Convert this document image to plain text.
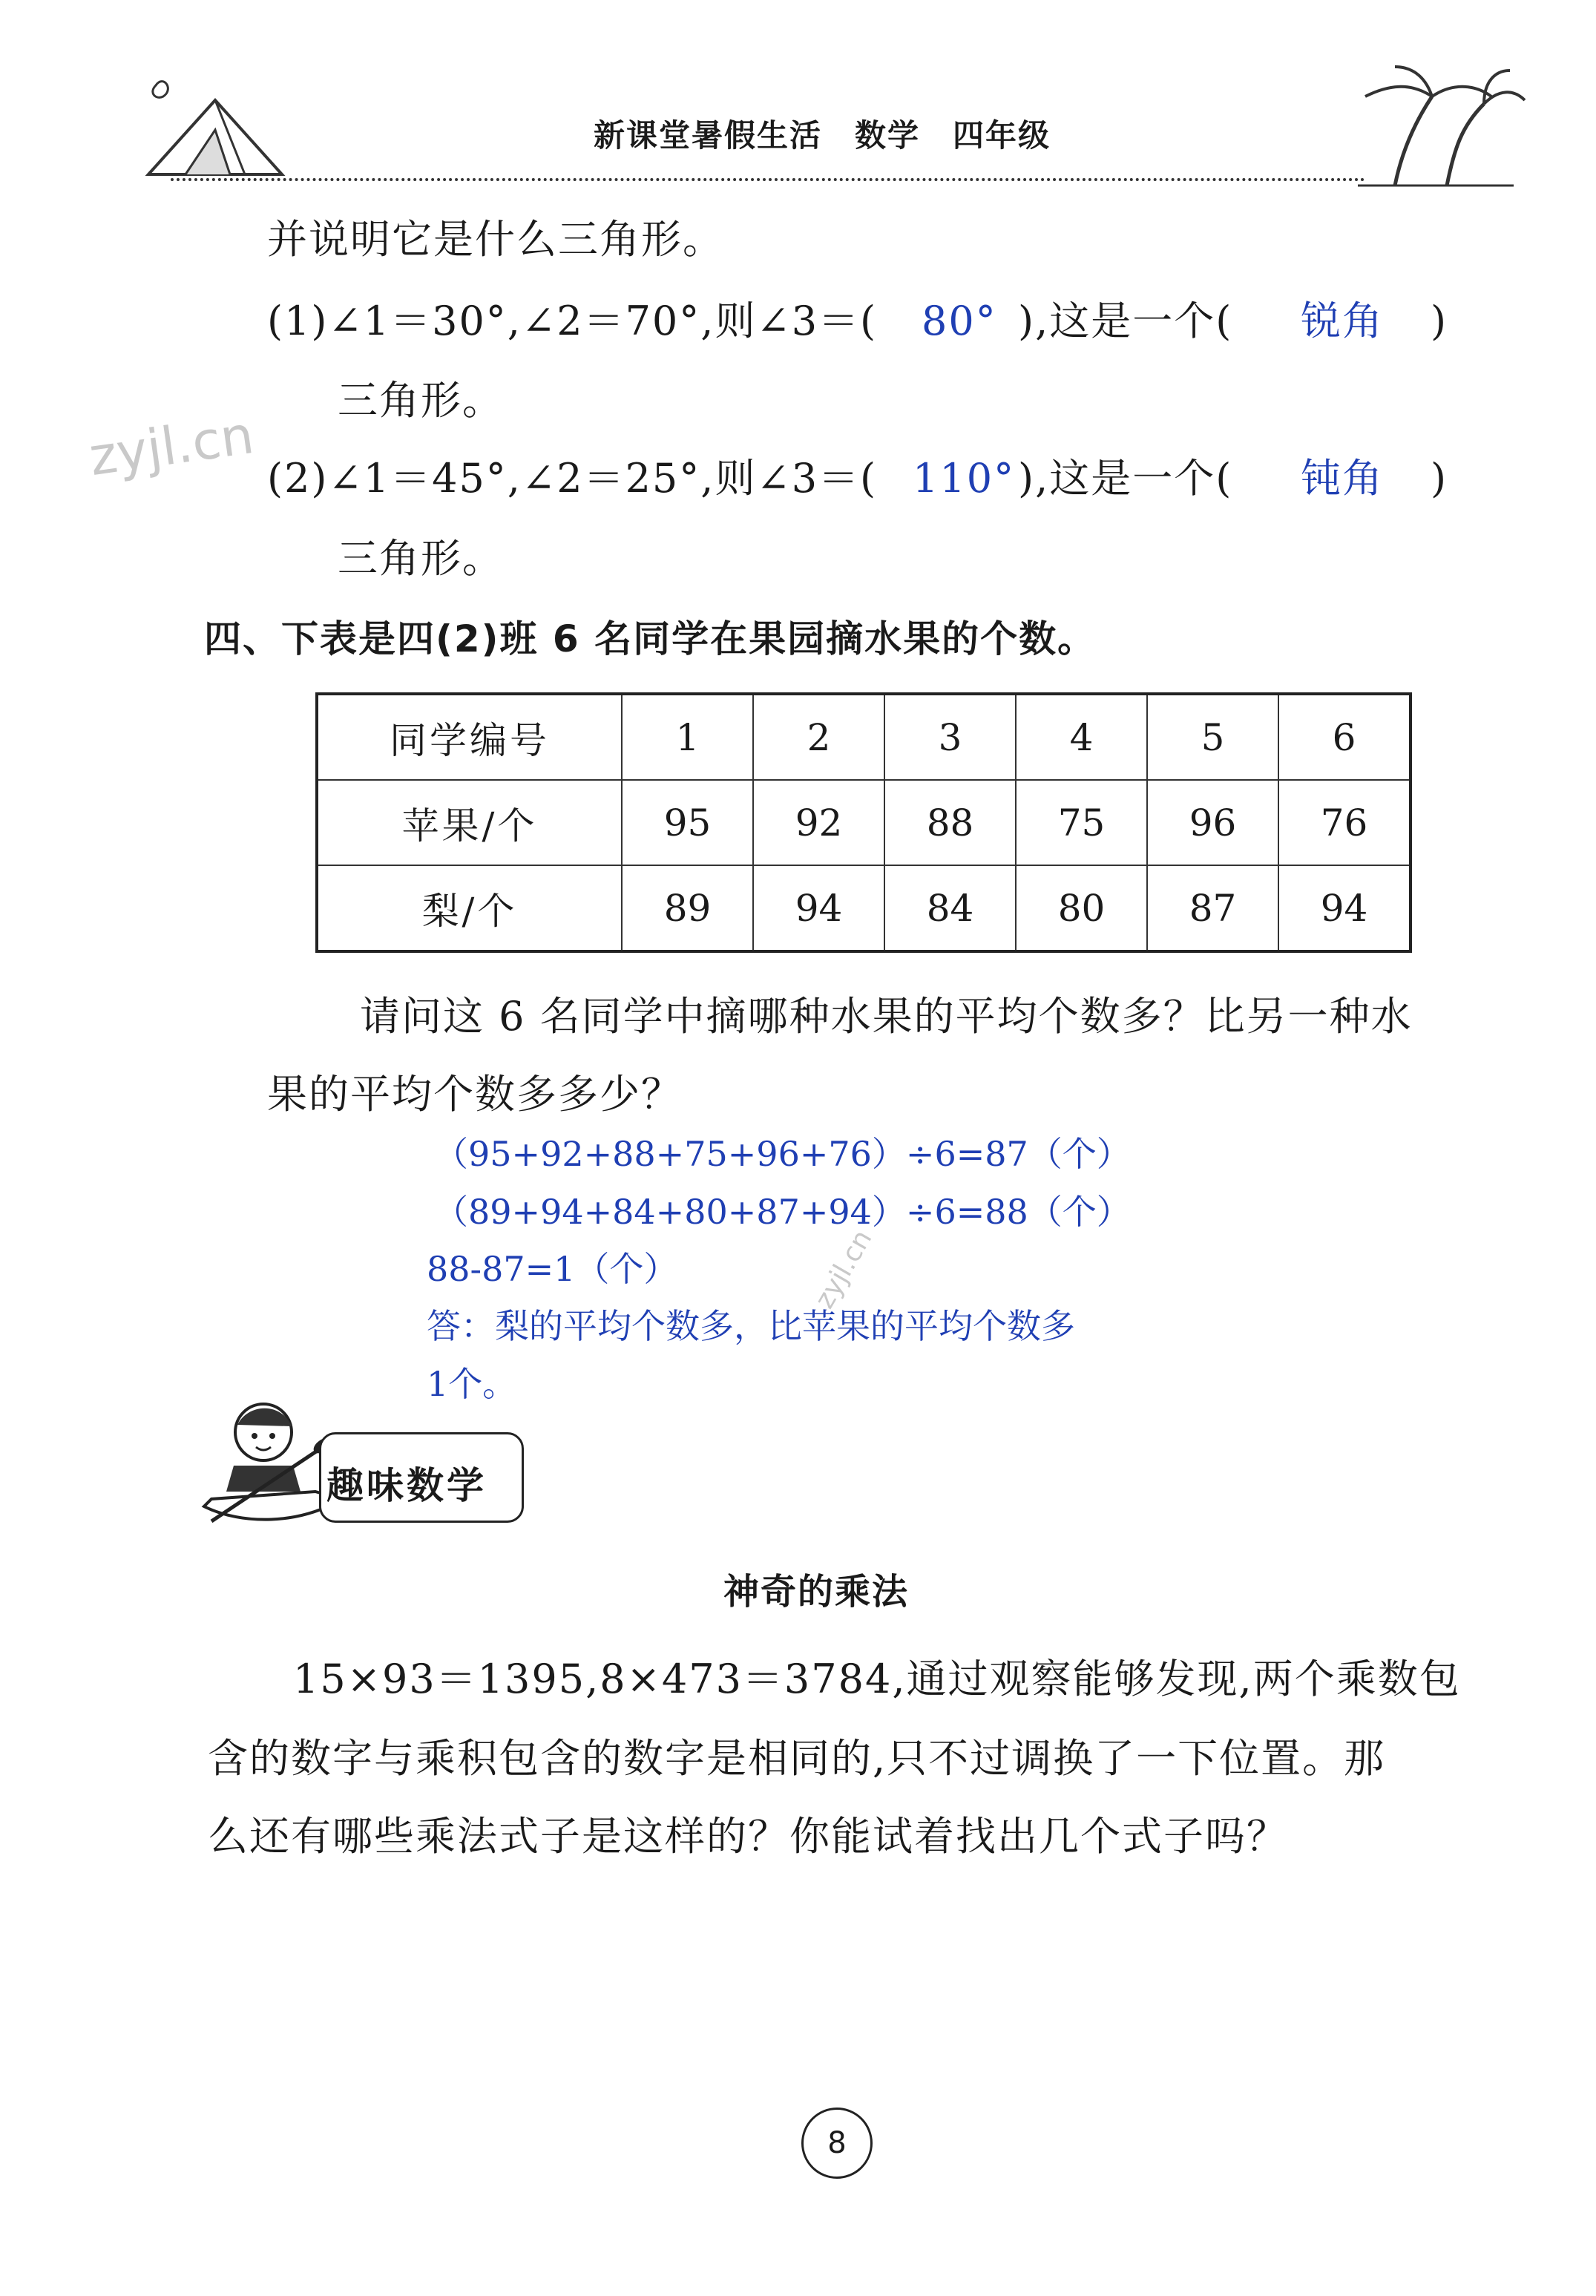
新课堂暑假生活　数学　四年级
zyjl.cn
zyjl.cn
并说明它是什么三角形。
(1)∠1＝30°,∠2＝70°,则∠3＝( 80° ),这是一个( 锐角 )
三角形。
(2)∠1＝45°,∠2＝25°,则∠3＝( 110° ),这是一个( 钝角 )
三角形。
四、下表是四(2)班 6 名同学在果园摘水果的个数。
同学编号	1	2	3	4	5	6
苹果/个	95	92	88	75	96	76
梨/个	89	94	84	80	87	94
请问这 6 名同学中摘哪种水果的平均个数多？比另一种水
果的平均个数多多少？
（95+92+88+75+96+76）÷6=87（个）
（89+94+84+80+87+94）÷6=88（个）
88-87=1（个）
答：梨的平均个数多，比苹果的平均个数多
1个。
趣味数学
神奇的乘法
15×93＝1395,8×473＝3784,通过观察能够发现,两个乘数包
含的数字与乘积包含的数字是相同的,只不过调换了一下位置。那
么还有哪些乘法式子是这样的？你能试着找出几个式子吗？
8
